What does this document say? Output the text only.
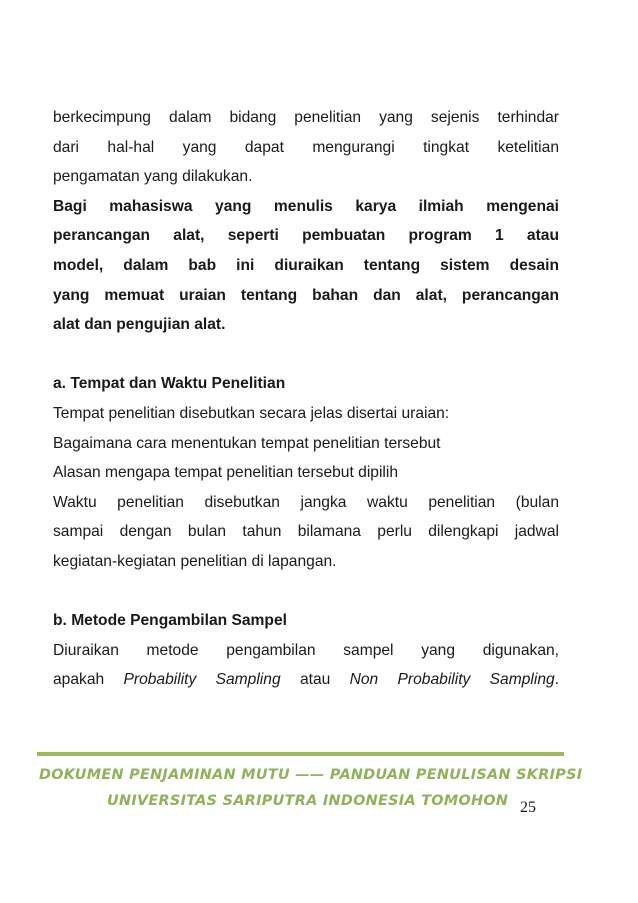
berkecimpung dalam bidang penelitian yang sejenis terhindar

dari hal-hal yang dapat mengurangi tingkat ketelitian

pengamatan yang dilakukan.

Bagi mahasiswa yang menulis karya ilmiah mengenai

perancangan alat, seperti pembuatan program 1 atau

model, dalam bab ini diuraikan tentang sistem desain

yang memuat uraian tentang bahan dan alat, perancangan

alat dan pengujian alat.

a. Tempat dan Waktu Penelitian

Tempat penelitian disebutkan secara jelas disertai uraian:

Bagaimana cara menentukan tempat penelitian tersebut

Alasan mengapa tempat penelitian tersebut dipilih

Waktu penelitian disebutkan jangka waktu penelitian (bulan

sampai dengan bulan tahun bilamana perlu dilengkapi jadwal

kegiatan-kegiatan penelitian di lapangan.

b. Metode Pengambilan Sampel

Diuraikan metode pengambilan sampel yang digunakan,

apakah Probability Sampling atau Non Probability Sampling.

DOKUMEN PENJAMINAN MUTU —— PANDUAN PENULISAN SKRIPSI
UNIVERSITAS SARIPUTRA INDONESIA TOMOHON 25
